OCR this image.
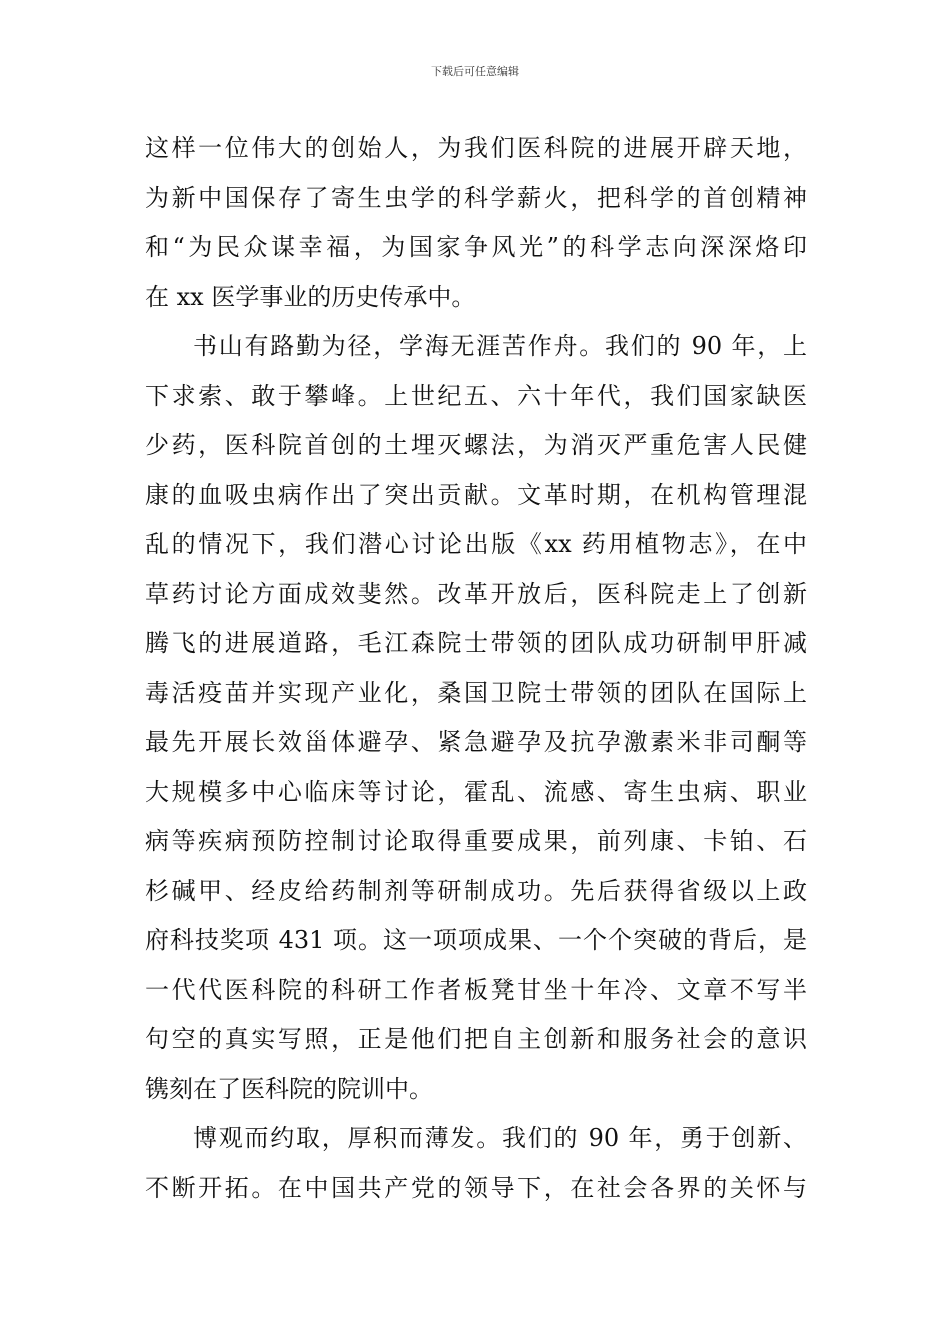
下载后可任意编辑
这样一位伟大的创始人，为我们医科院的进展开辟天地，
为新中国保存了寄生虫学的科学薪火，把科学的首创精神
和“为民众谋幸福，为国家争风光”的科学志向深深烙印
在 xx 医学事业的历史传承中。
书山有路勤为径，学海无涯苦作舟。我们的 90 年，上
下求索、敢于攀峰。上世纪五、六十年代，我们国家缺医
少药，医科院首创的土埋灭螺法，为消灭严重危害人民健
康的血吸虫病作出了突出贡献。文革时期，在机构管理混
乱的情况下，我们潜心讨论出版《xx 药用植物志》，在中
草药讨论方面成效斐然。改革开放后，医科院走上了创新
腾飞的进展道路，毛江森院士带领的团队成功研制甲肝减
毒活疫苗并实现产业化，桑国卫院士带领的团队在国际上
最先开展长效甾体避孕、紧急避孕及抗孕激素米非司酮等
大规模多中心临床等讨论，霍乱、流感、寄生虫病、职业
病等疾病预防控制讨论取得重要成果，前列康、卡铂、石
杉碱甲、经皮给药制剂等研制成功。先后获得省级以上政
府科技奖项 431 项。这一项项成果、一个个突破的背后，是
一代代医科院的科研工作者板凳甘坐十年冷、文章不写半
句空的真实写照，正是他们把自主创新和服务社会的意识
镌刻在了医科院的院训中。
博观而约取，厚积而薄发。我们的 90 年，勇于创新、
不断开拓。在中国共产党的领导下，在社会各界的关怀与
